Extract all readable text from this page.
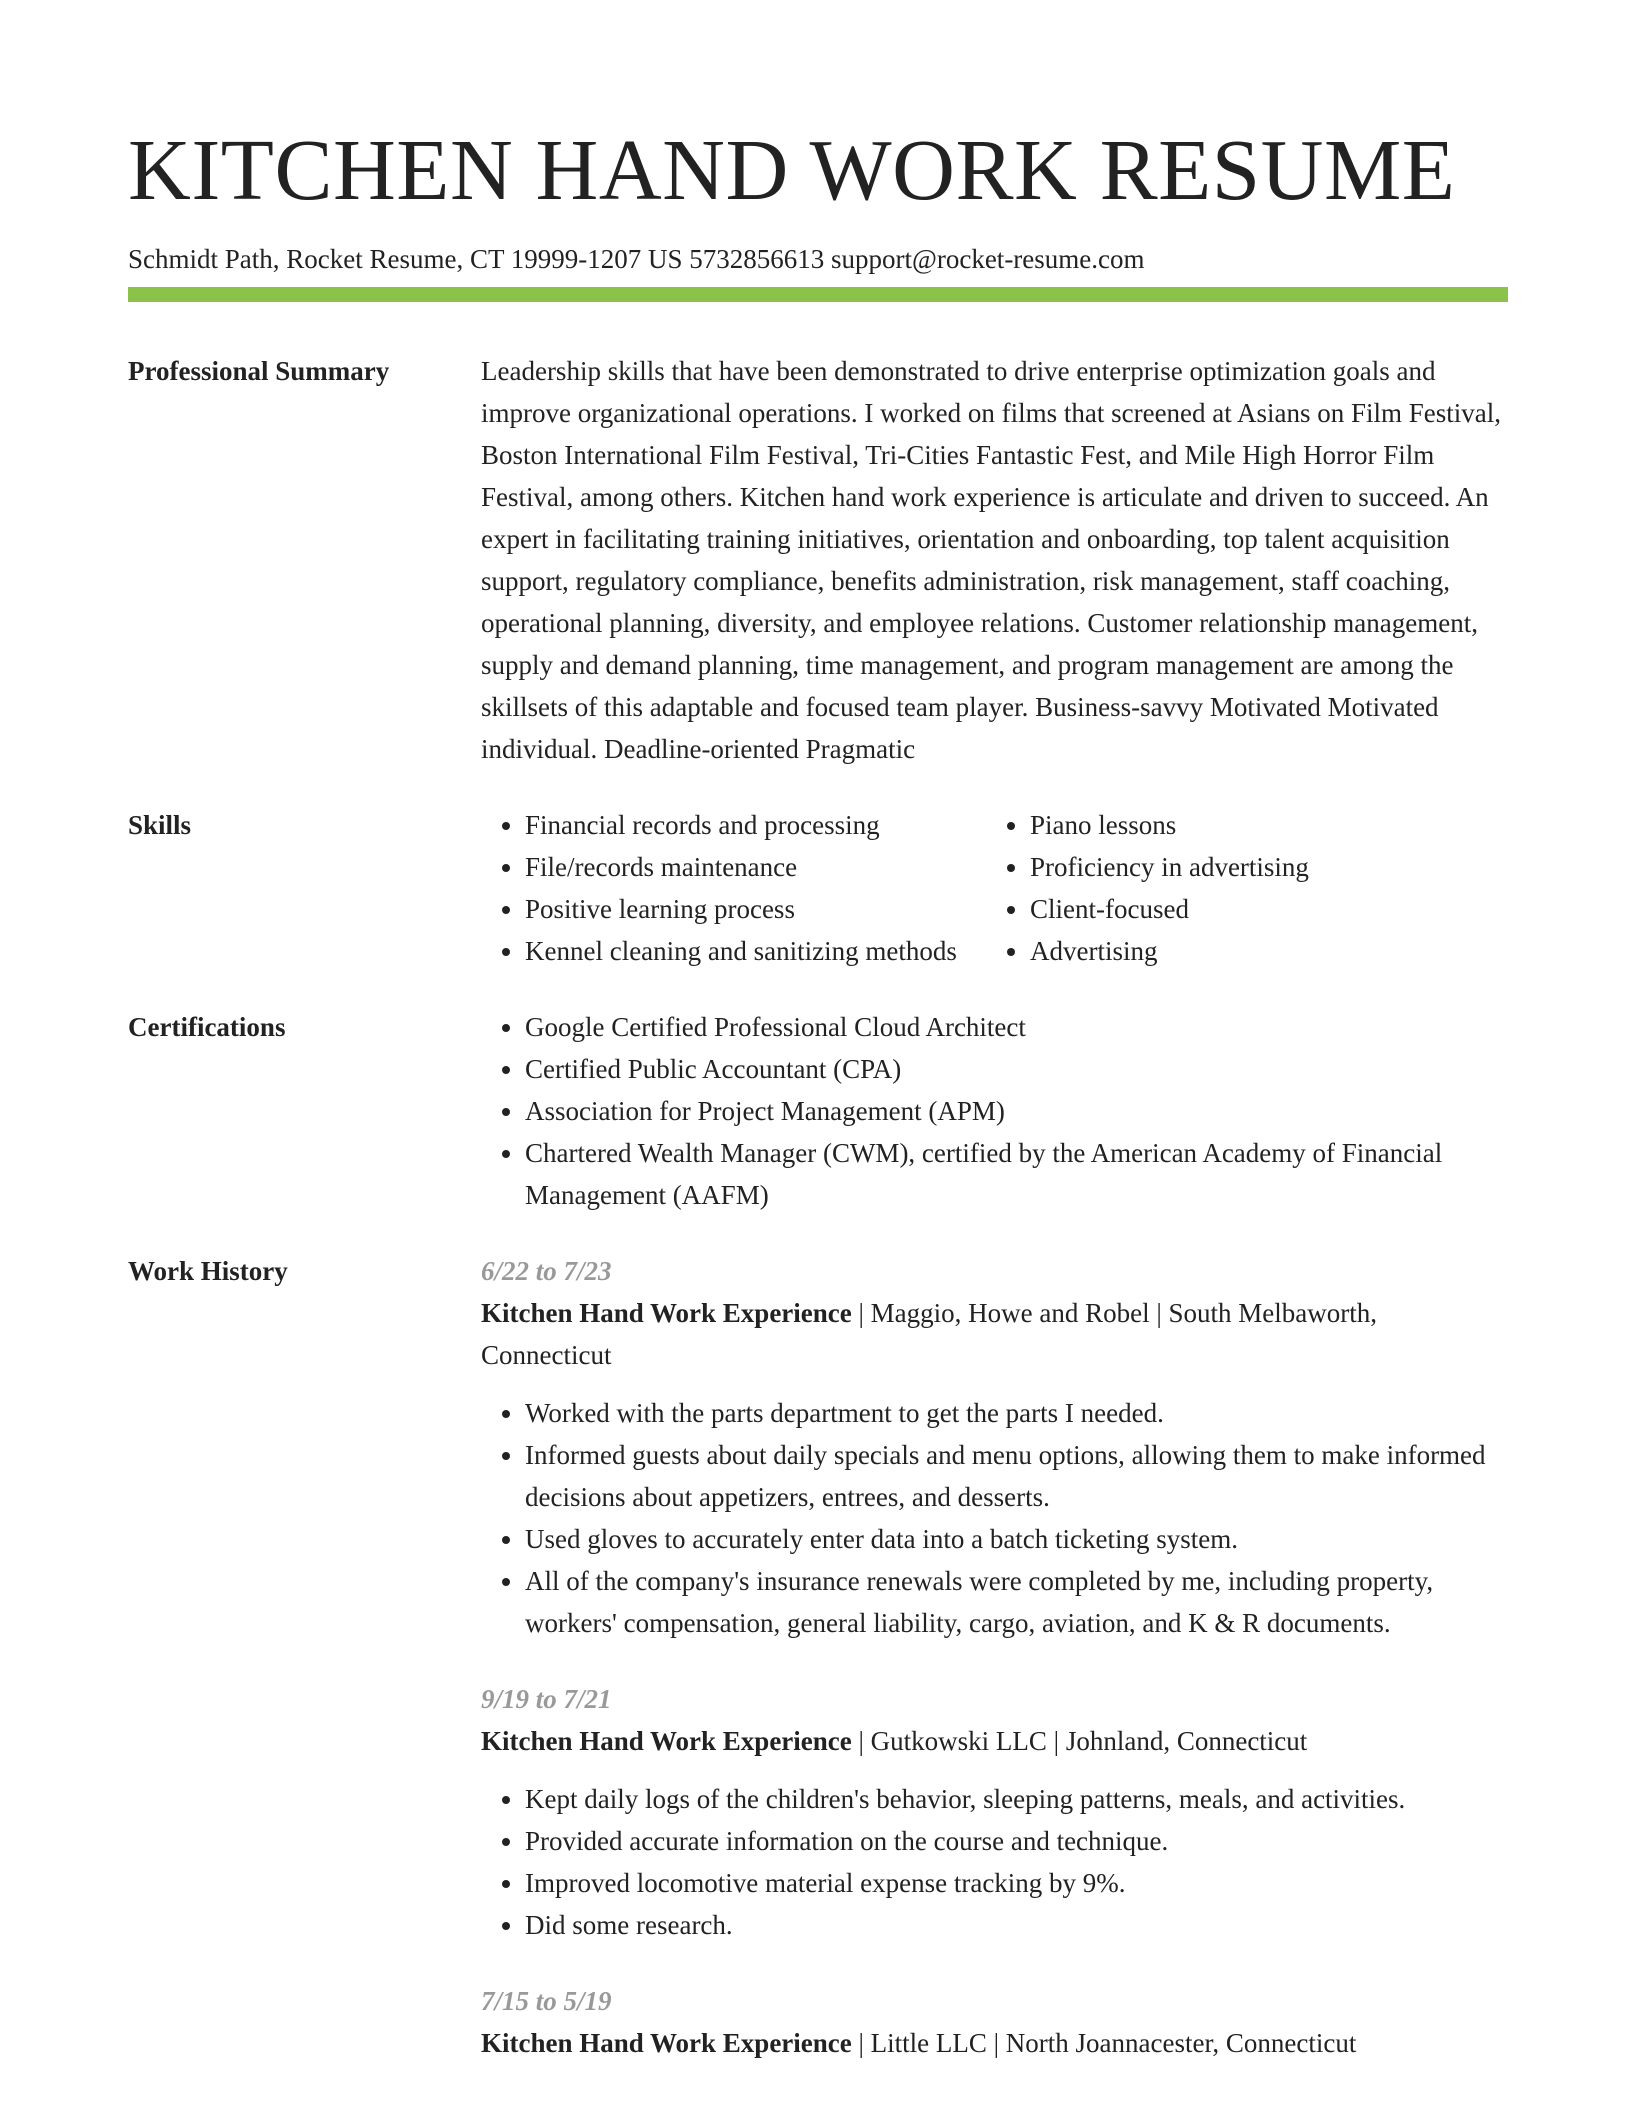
KITCHEN HAND WORK RESUME
Schmidt Path, Rocket Resume, CT 19999-1207 US 5732856613 support@rocket-resume.com
Professional Summary	Leadership skills that have been demonstrated to drive enterprise optimization goals and improve organizational operations. I worked on films that screened at Asians on Film Festival, Boston International Film Festival, Tri-Cities Fantastic Fest, and Mile High Horror Film Festival, among others. Kitchen hand work experience is articulate and driven to succeed. An expert in facilitating training initiatives, orientation and onboarding, top talent acquisition support, regulatory compliance, benefits administration, risk management, staff coaching, operational planning, diversity, and employee relations. Customer relationship management, supply and demand planning, time management, and program management are among the skillsets of this adaptable and focused team player. Business-savvy Motivated Motivated individual. Deadline-oriented Pragmatic

Skills	• Financial records and processing
• File/records maintenance
• Positive learning process
• Kennel cleaning and sanitizing methods
• Piano lessons
• Proficiency in advertising
• Client-focused
• Advertising
Certifications	• Google Certified Professional Cloud Architect
• Certified Public Accountant (CPA)
• Association for Project Management (APM)
• Chartered Wealth Manager (CWM), certified by the American Academy of Financial Management (AAFM)
Work History	6/22 to 7/23
Kitchen Hand Work Experience | Maggio, Howe and Robel | South Melbaworth, Connecticut
• Worked with the parts department to get the parts I needed.
• Informed guests about daily specials and menu options, allowing them to make informed decisions about appetizers, entrees, and desserts.
• Used gloves to accurately enter data into a batch ticketing system.
• All of the company's insurance renewals were completed by me, including property, workers' compensation, general liability, cargo, aviation, and K & R documents.
9/19 to 7/21
Kitchen Hand Work Experience | Gutkowski LLC | Johnland, Connecticut
• Kept daily logs of the children's behavior, sleeping patterns, meals, and activities.
• Provided accurate information on the course and technique.
• Improved locomotive material expense tracking by 9%.
• Did some research.
7/15 to 5/19
Kitchen Hand Work Experience | Little LLC | North Joannacester, Connecticut
